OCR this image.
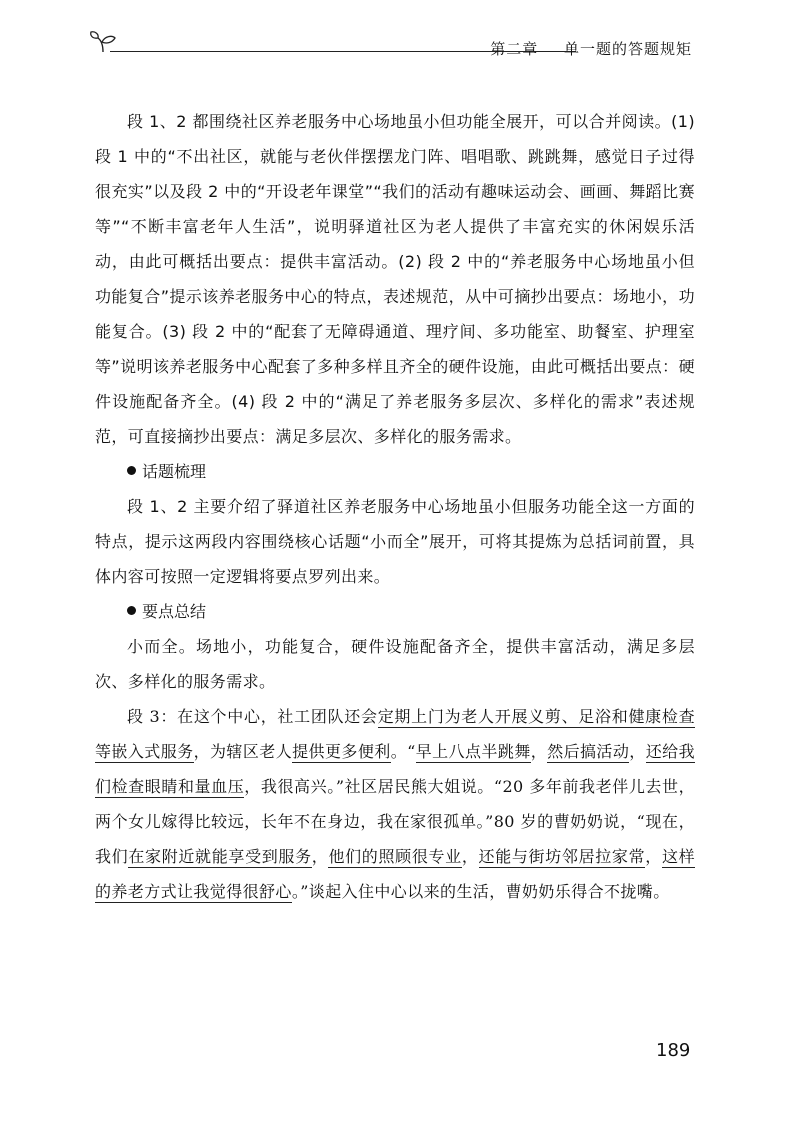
第二章 单一题的答题规矩

段 1、2 都围绕社区养老服务中心场地虽小但功能全展开，可以合并阅读。(1) 段 1 中的“不出社区，就能与老伙伴摆摆龙门阵、唱唱歌、跳跳舞，感觉日子过得很充实”以及段 2 中的“开设老年课堂”“我们的活动有趣味运动会、画画、舞蹈比赛等”“不断丰富老年人生活”，说明驿道社区为老人提供了丰富充实的休闲娱乐活动，由此可概括出要点：提供丰富活动。(2) 段 2 中的“养老服务中心场地虽小但功能复合”提示该养老服务中心的特点，表述规范，从中可摘抄出要点：场地小，功能复合。(3) 段 2 中的“配套了无障碍通道、理疗间、多功能室、助餐室、护理室等”说明该养老服务中心配套了多种多样且齐全的硬件设施，由此可概括出要点：硬件设施配备齐全。(4) 段 2 中的“满足了养老服务多层次、多样化的需求”表述规范，可直接摘抄出要点：满足多层次、多样化的服务需求。

话题梳理

段 1、2 主要介绍了驿道社区养老服务中心场地虽小但服务功能全这一方面的特点，提示这两段内容围绕核心话题“小而全”展开，可将其提炼为总括词前置，具体内容可按照一定逻辑将要点罗列出来。

要点总结

小而全。场地小，功能复合，硬件设施配备齐全，提供丰富活动，满足多层次、多样化的服务需求。

段 3：在这个中心，社工团队还会定期上门为老人开展义剪、足浴和健康检查等嵌入式服务，为辖区老人提供更多便利。“早上八点半跳舞，然后搞活动，还给我们检查眼睛和量血压，我很高兴。”社区居民熊大姐说。“20 多年前我老伴儿去世，两个女儿嫁得比较远，长年不在身边，我在家很孤单。”80 岁的曹奶奶说，“现在，我们在家附近就能享受到服务，他们的照顾很专业，还能与街坊邻居拉家常，这样的养老方式让我觉得很舒心。”谈起入住中心以来的生活，曹奶奶乐得合不拢嘴。

189
